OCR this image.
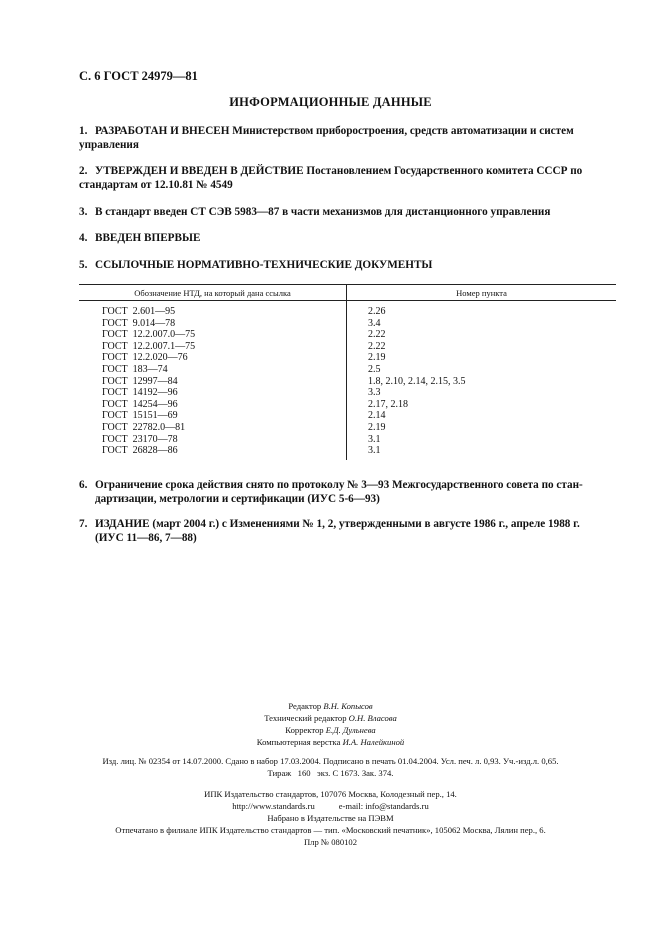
С. 6 ГОСТ 24979—81
ИНФОРМАЦИОННЫЕ ДАННЫЕ
1. РАЗРАБОТАН И ВНЕСЕН Министерством приборостроения, средств автоматизации и систем
управления
2. УТВЕРЖДЕН И ВВЕДЕН В ДЕЙСТВИЕ Постановлением Государственного комитета СССР по
стандартам от 12.10.81 № 4549
3. В стандарт введен СТ СЭВ 5983—87 в части механизмов для дистанционного управления
4. ВВЕДЕН ВПЕРВЫЕ
5. ССЫЛОЧНЫЕ НОРМАТИВНО-ТЕХНИЧЕСКИЕ ДОКУМЕНТЫ
Обозначение НТД, на который дана ссылка	Номер пункта
ГОСТ  2.601—95
ГОСТ  9.014—78
ГОСТ  12.2.007.0—75
ГОСТ  12.2.007.1—75
ГОСТ  12.2.020—76
ГОСТ  183—74
ГОСТ  12997—84
ГОСТ  14192—96
ГОСТ  14254—96
ГОСТ  15151—69
ГОСТ  22782.0—81
ГОСТ  23170—78
ГОСТ  26828—86
2.26
3.4
2.22
2.22
2.19
2.5
1.8, 2.10, 2.14, 2.15, 3.5
3.3
2.17, 2.18
2.14
2.19
3.1
3.1
6. Ограничение срока действия снято по протоколу № 3—93 Межгосударственного совета по стан-
дартизации, метрологии и сертификации (ИУС 5-6—93)
7. ИЗДАНИЕ (март 2004 г.) с Изменениями № 1, 2, утвержденными в августе 1986 г., апреле 1988 г.
(ИУС 11—86, 7—88)
Редактор В.Н. Копысов
Технический редактор О.Н. Власова
Корректор Е.Д. Дульнева
Компьютерная верстка И.А. Налейкиной
Изд. лиц. № 02354 от 14.07.2000. Сдано в набор 17.03.2004. Подписано в печать 01.04.2004. Усл. печ. л. 0,93. Уч.-изд.л. 0,65.
Тираж   160   экз. С 1673. Зак. 374.
ИПК Издательство стандартов, 107076 Москва, Колодезный пер., 14.
http://www.standards.ru	e-mail: info@standards.ru
Набрано в Издательстве на ПЭВМ
Отпечатано в филиале ИПК Издательство стандартов — тип. «Московский печатник», 105062 Москва, Лялин пер., 6.
Плр № 080102
